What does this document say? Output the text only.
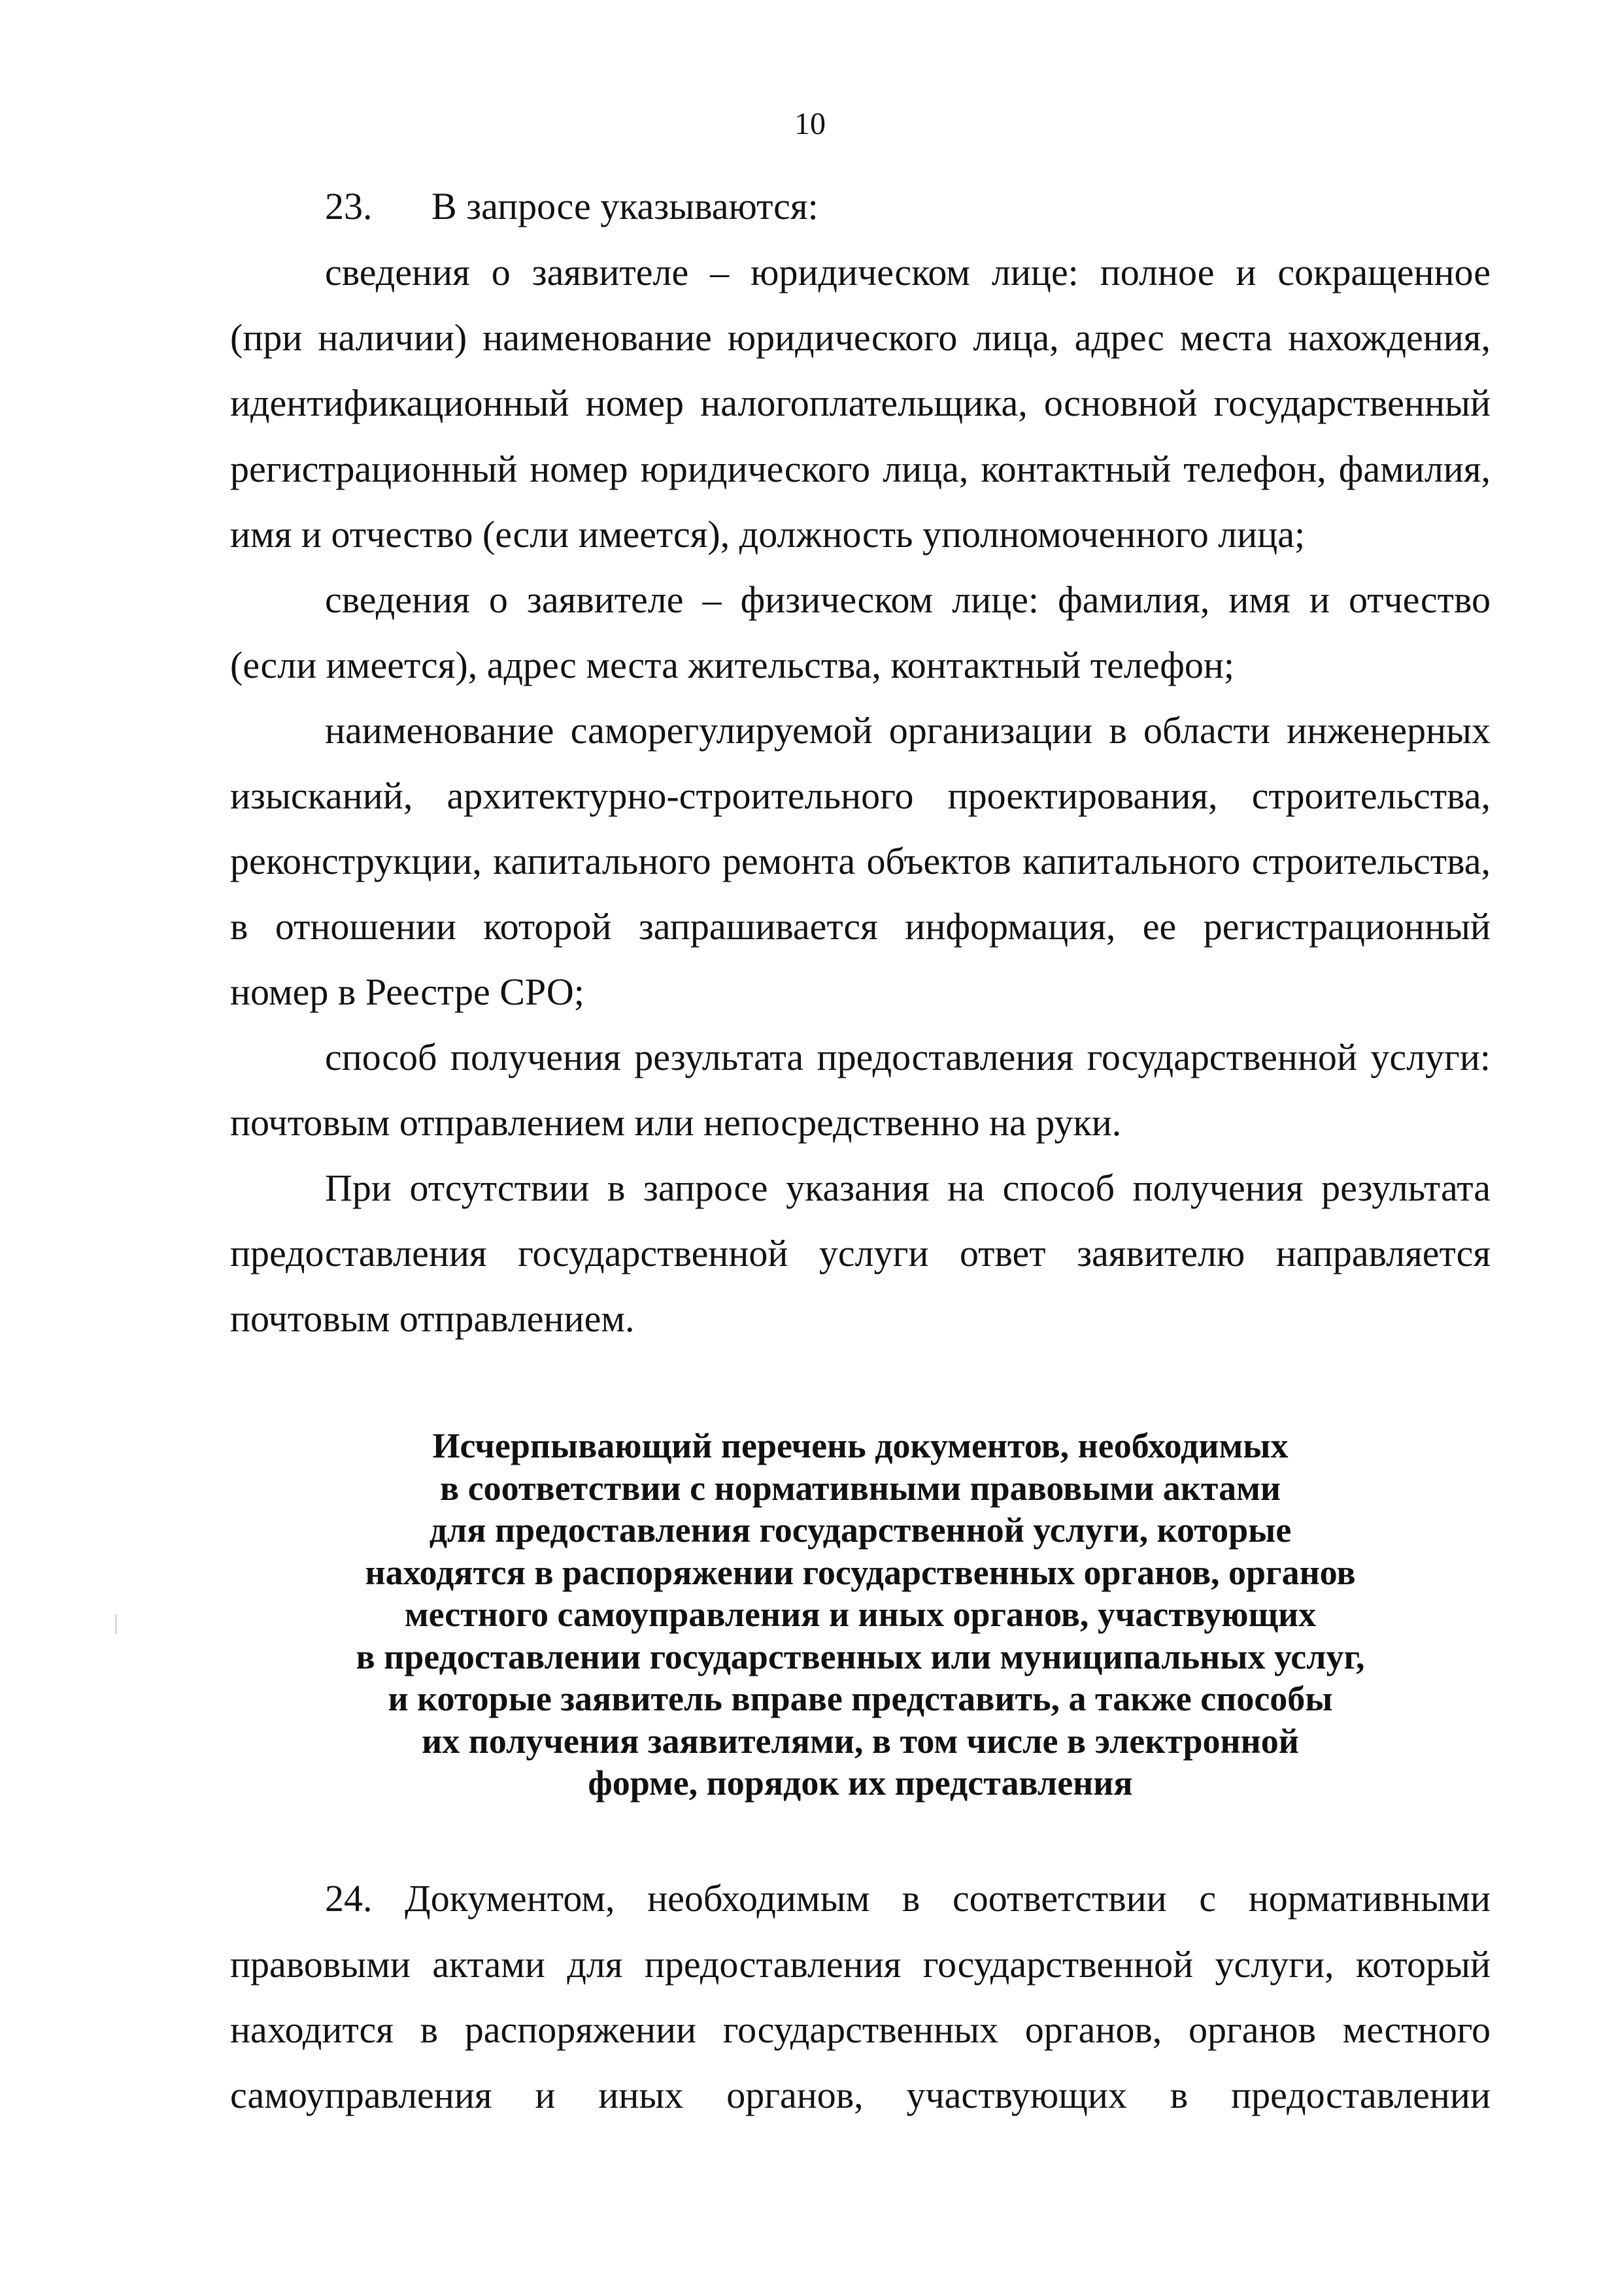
10
23. В запросе указываются:
сведения о заявителе – юридическом лице: полное и сокращенное
(при наличии) наименование юридического лица, адрес места нахождения,
идентификационный номер налогоплательщика, основной государственный
регистрационный номер юридического лица, контактный телефон, фамилия,
имя и отчество (если имеется), должность уполномоченного лица;
сведения о заявителе – физическом лице: фамилия, имя и отчество
(если имеется), адрес места жительства, контактный телефон;
наименование саморегулируемой организации в области инженерных
изысканий, архитектурно-строительного проектирования, строительства,
реконструкции, капитального ремонта объектов капитального строительства,
в отношении которой запрашивается информация, ее регистрационный
номер в Реестре СРО;
способ получения результата предоставления государственной услуги:
почтовым отправлением или непосредственно на руки.
При отсутствии в запросе указания на способ получения результата
предоставления государственной услуги ответ заявителю направляется
почтовым отправлением.
Исчерпывающий перечень документов, необходимых
в соответствии с нормативными правовыми актами
для предоставления государственной услуги, которые
находятся в распоряжении государственных органов, органов
местного самоуправления и иных органов, участвующих
в предоставлении государственных или муниципальных услуг,
и которые заявитель вправе представить, а также способы
их получения заявителями, в том числе в электронной
форме, порядок их представления
24. Документом, необходимым в соответствии с нормативными
правовыми актами для предоставления государственной услуги, который
находится в распоряжении государственных органов, органов местного
самоуправления и иных органов, участвующих в предоставлении
